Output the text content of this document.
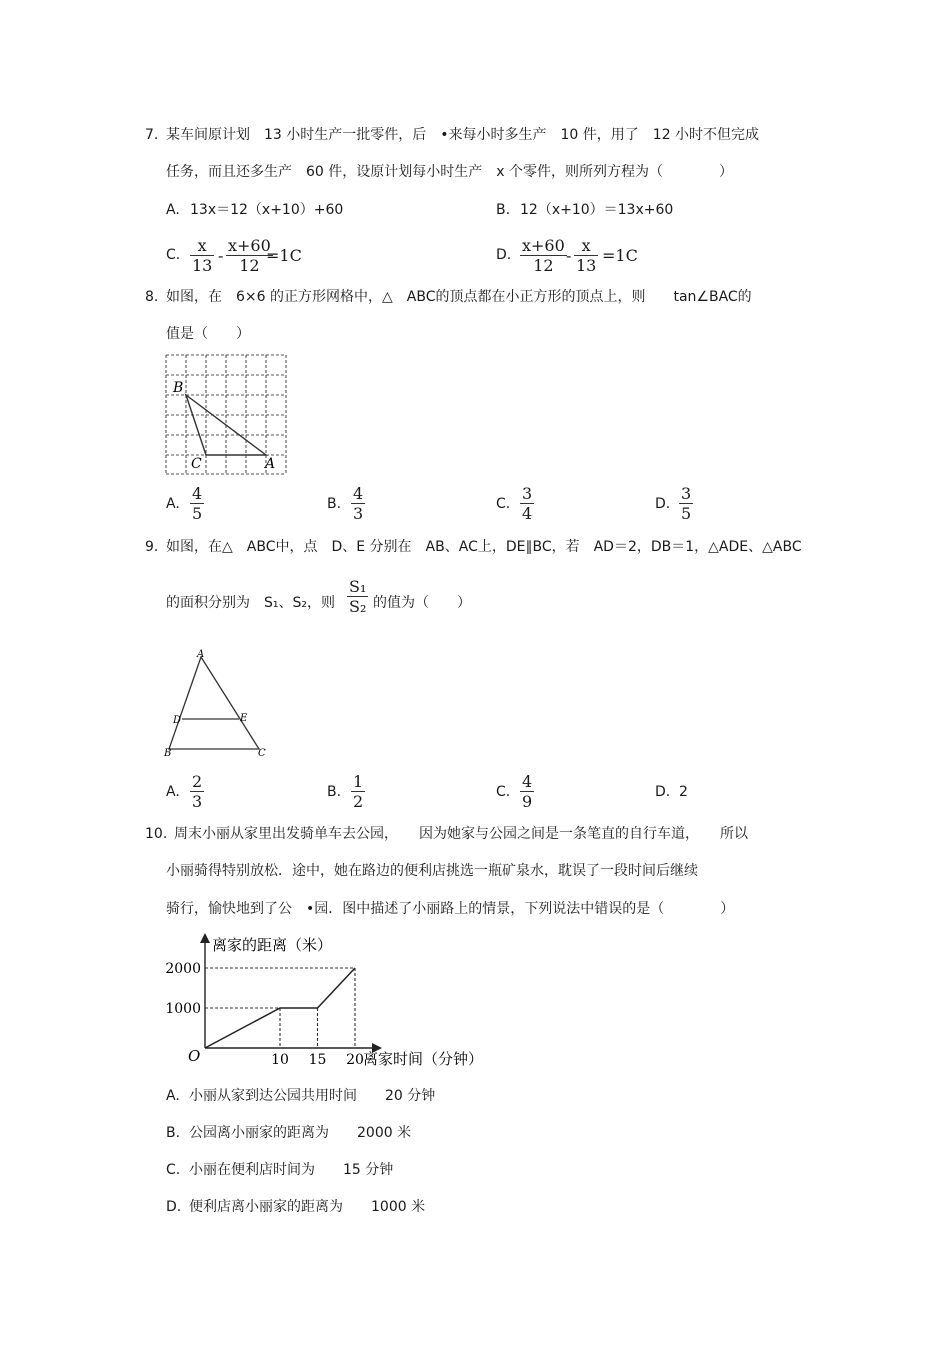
7. 某车间原计划　13 小时生产一批零件，后　•来每小时多生产　10 件，用了　12 小时不但完成
任务，而且还多生产　60 件，设原计划每小时生产　x 个零件，则所列方程为（　　　　）
A. 13x＝12（x+10）+60	B. 12（x+10）＝13x+60
C. x
13
-
x+60
12
=1C	D. x+60
12
-
x
13
=1C
8. 如图，在　6×6 的正方形网格中，△　ABC的顶点都在小正方形的顶点上，则　　tan∠BAC的
值是（　　）
B
C	A
A.
4
5	B.
4
3	C.
3
4	D.
3
5
9. 如图，在△　ABC中，点　D、E 分别在　AB、AC上，DE∥BC，若　AD＝2，DB＝1，△ADE、△ABC
的面积分别为　S₁、S₂，则
S₁
S₂ 的值为（　　）
A
D	E
B	C
A.
2
3	B.
1
2	C.
4
9	D. 2
10. 周末小丽从家里出发骑单车去公园，　　因为她家与公园之间是一条笔直的自行车道，　　所以
小丽骑得特别放松．途中，她在路边的便利店挑选一瓶矿泉水，耽误了一段时间后继续
骑行，愉快地到了公　•园．图中描述了小丽路上的情景，下列说法中错误的是（　　　　）
离家的距离（米）
离家时间（分钟）
O	10 15 20
1000
2000
A. 小丽从家到达公园共用时间　　20 分钟
B. 公园离小丽家的距离为　　2000 米
C. 小丽在便利店时间为　　15 分钟
D. 便利店离小丽家的距离为　　1000 米
